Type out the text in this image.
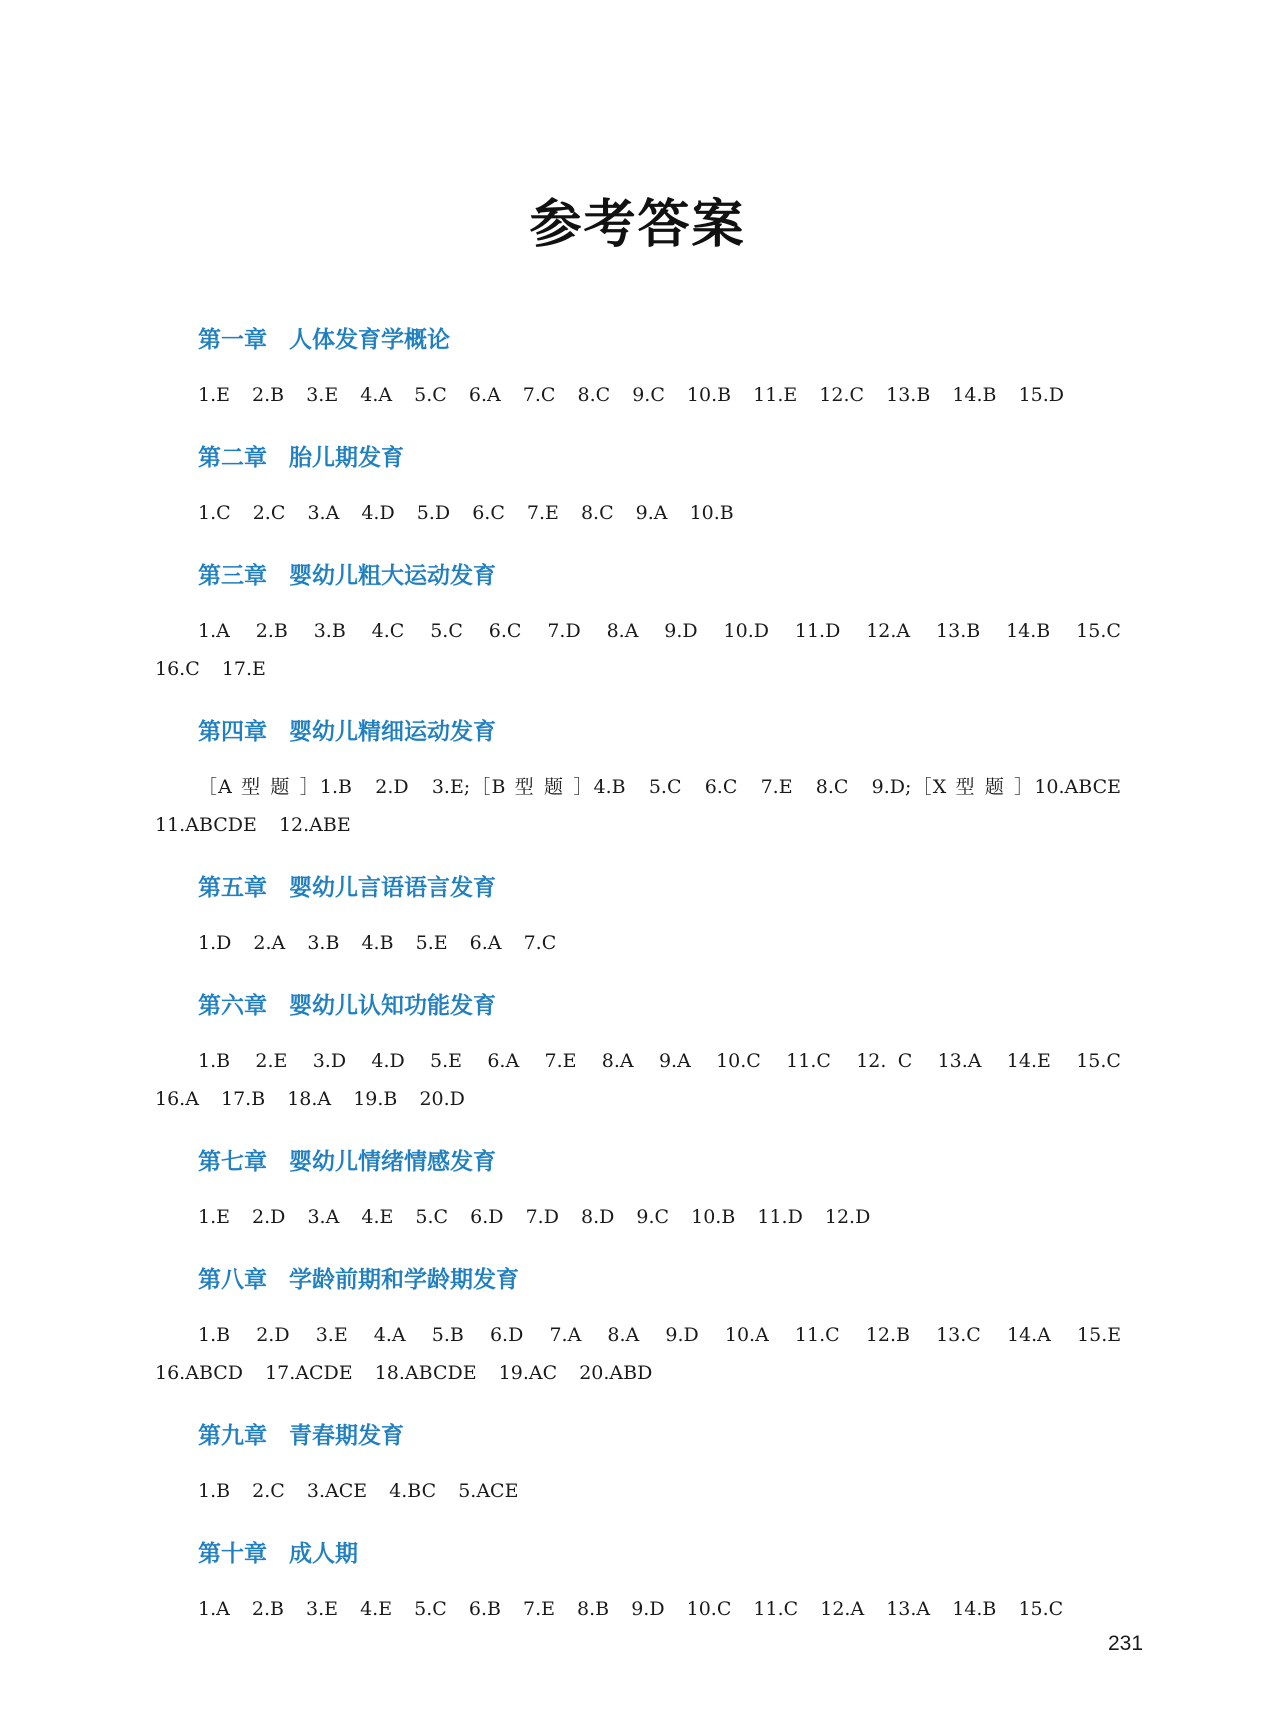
参考答案
第一章 人体发育学概论

1.E 2.B 3.E 4.A 5.C 6.A 7.C 8.C 9.C 10.B 11.E 12.C 13.B 14.B 15.D

第二章 胎儿期发育

1.C 2.C 3.A 4.D 5.D 6.C 7.E 8.C 9.A 10.B

第三章 婴幼儿粗大运动发育

1.A 2.B 3.B 4.C 5.C 6.C 7.D 8.A 9.D 10.D 11.D 12.A 13.B 14.B 15.C 16.C 17.E

第四章 婴幼儿精细运动发育

［A 型 题 ］1.B 2.D 3.E;［B 型 题 ］4.B 5.C 6.C 7.E 8.C 9.D;［X 型 题 ］10.ABCE 11.ABCDE 12.ABE

第五章 婴幼儿言语语言发育

1.D 2.A 3.B 4.B 5.E 6.A 7.C

第六章 婴幼儿认知功能发育

1.B 2.E 3.D 4.D 5.E 6.A 7.E 8.A 9.A 10.C 11.C 12. C 13.A 14.E 15.C 16.A 17.B 18.A 19.B 20.D

第七章 婴幼儿情绪情感发育

1.E 2.D 3.A 4.E 5.C 6.D 7.D 8.D 9.C 10.B 11.D 12.D

第八章 学龄前期和学龄期发育

1.B 2.D 3.E 4.A 5.B 6.D 7.A 8.A 9.D 10.A 11.C 12.B 13.C 14.A 15.E 16.ABCD 17.ACDE 18.ABCDE 19.AC 20.ABD

第九章 青春期发育

1.B 2.C 3.ACE 4.BC 5.ACE

第十章 成人期

1.A 2.B 3.E 4.E 5.C 6.B 7.E 8.B 9.D 10.C 11.C 12.A 13.A 14.B 15.C

231
